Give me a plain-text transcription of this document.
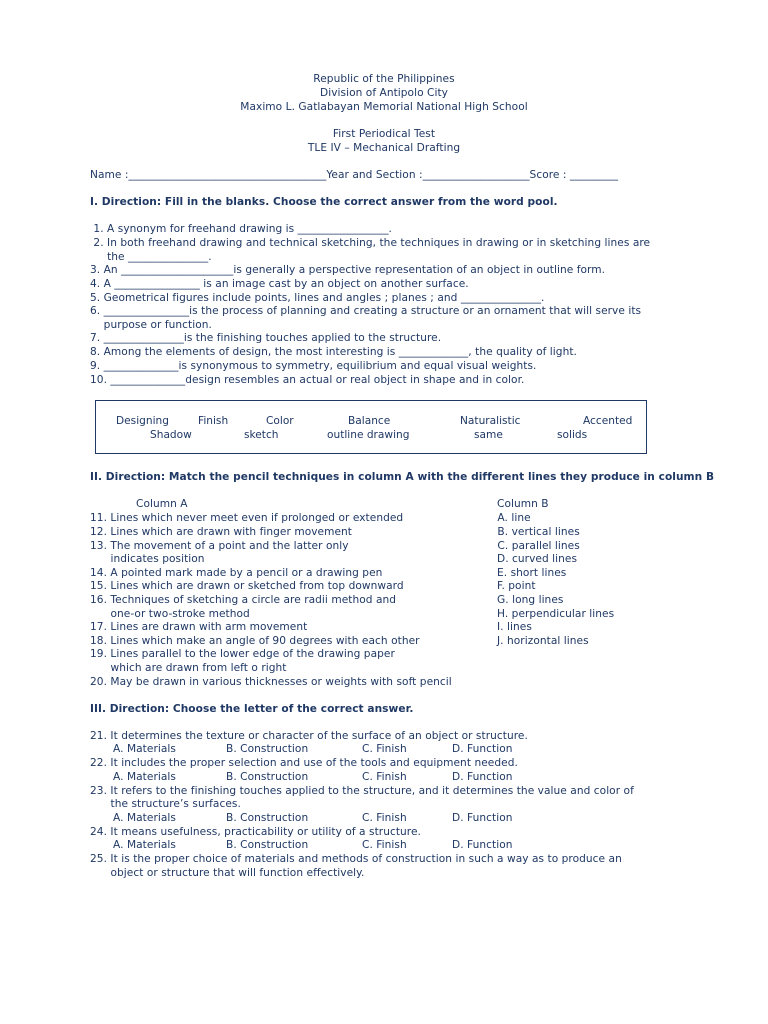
Republic of the Philippines
Division of Antipolo City
Maximo L. Gatlabayan Memorial National High School
First Periodical Test
TLE IV – Mechanical Drafting
Name :_____________________________________Year and Section :____________________Score : _________
I. Direction: Fill in the blanks. Choose the correct answer from the word pool.
1. A synonym for freehand drawing is _________________.
2. In both freehand drawing and technical sketching, the techniques in drawing or in sketching lines are
the _______________.
3. An _____________________is generally a perspective representation of an object in outline form.
4. A ________________ is an image cast by an object on another surface.
5. Geometrical figures include points, lines and angles ; planes ; and _______________.
6. ________________is the process of planning and creating a structure or an ornament that will serve its
purpose or function.
7. _______________is the finishing touches applied to the structure.
8. Among the elements of design, the most interesting is _____________, the quality of light.
9. ______________is synonymous to symmetry, equilibrium and equal visual weights.
10. ______________design resembles an actual or real object in shape and in color.
Designing	Finish	Color	Balance	Naturalistic	Accented
Shadow	sketch	outline drawing	same	solids
II. Direction: Match the pencil techniques in column A with the different lines they produce in column B
Column A	Column B
11. Lines which never meet even if prolonged or extended
12. Lines which are drawn with finger movement
13. The movement of a point and the latter only
indicates position
14. A pointed mark made by a pencil or a drawing pen
15. Lines which are drawn or sketched from top downward
16. Techniques of sketching a circle are radii method and
one-or two-stroke method
17. Lines are drawn with arm movement
18. Lines which make an angle of 90 degrees with each other
19. Lines parallel to the lower edge of the drawing paper
which are drawn from left o right
20. May be drawn in various thicknesses or weights with soft pencil
A. line
B. vertical lines
C. parallel lines
D. curved lines
E. short lines
F. point
G. long lines
H. perpendicular lines
I. lines
J. horizontal lines
III. Direction: Choose the letter of the correct answer.
21. It determines the texture or character of the surface of an object or structure.
A. Materials	B. Construction	C. Finish	D. Function
22. It includes the proper selection and use of the tools and equipment needed.
A. Materials	B. Construction	C. Finish	D. Function
23. It refers to the finishing touches applied to the structure, and it determines the value and color of
the structure’s surfaces.
A. Materials	B. Construction	C. Finish	D. Function
24. It means usefulness, practicability or utility of a structure.
A. Materials	B. Construction	C. Finish	D. Function
25. It is the proper choice of materials and methods of construction in such a way as to produce an
object or structure that will function effectively.
